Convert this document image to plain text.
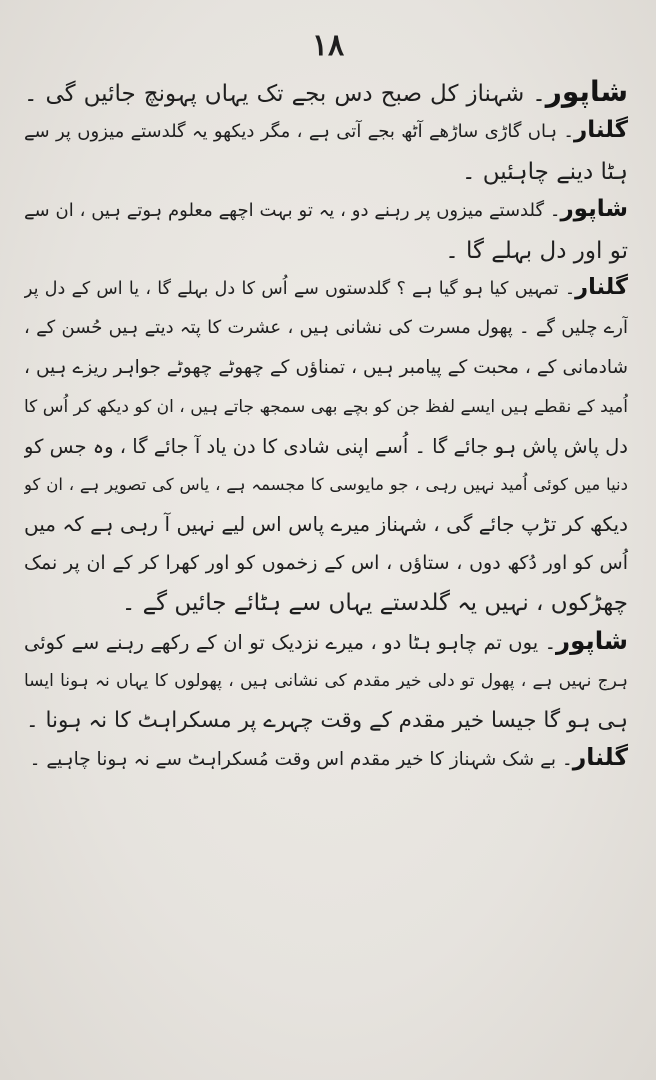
۱۸
شاپور۔ شہناز کل صبح دس بجے تک یہاں پہونچ جائیں گی ۔
گلنار۔ ہاں گاڑی ساڑھے آٹھ بجے آتی ہے ، مگر دیکھو یہ گلدستے میزوں پر سے
ہٹا دینے چاہئیں ۔
شاپور۔ گلدستے میزوں پر رہنے دو ، یہ تو بہت اچھے معلوم ہوتے ہیں ، ان سے
تو اور دل بہلے گا ۔
گلنار۔ تمہیں کیا ہو گیا ہے ؟ گلدستوں سے اُس کا دل بہلے گا ، یا اس کے دل پر
آرے چلیں گے ۔ پھول مسرت کی نشانی ہیں ، عشرت کا پتہ دیتے ہیں حُسن کے ،
شادمانی کے ، محبت کے پیامبر ہیں ، تمناؤں کے چھوٹے چھوٹے جواہر ریزے ہیں ،
اُمید کے نقطے ہیں ایسے لفظ جن کو بچے بھی سمجھ جاتے ہیں ، ان کو دیکھ کر اُس کا
دل پاش پاش ہو جائے گا ۔ اُسے اپنی شادی کا دن یاد آ جائے گا ، وہ جس کو
دنیا میں کوئی اُمید نہیں رہی ، جو مایوسی کا مجسمہ ہے ، یاس کی تصویر ہے ، ان کو
دیکھ کر تڑپ جائے گی ، شہناز میرے پاس اس لیے نہیں آ رہی ہے کہ میں
اُس کو اور دُکھ دوں ، ستاؤں ، اس کے زخموں کو اور کھرا کر کے ان پر نمک
چھڑکوں ، نہیں یہ گلدستے یہاں سے ہٹائے جائیں گے ۔
شاپور۔ یوں تم چاہو ہٹا دو ، میرے نزدیک تو ان کے رکھے رہنے سے کوئی
ہرج نہیں ہے ، پھول تو دلی خیر مقدم کی نشانی ہیں ، پھولوں کا یہاں نہ ہونا ایسا
ہی ہو گا جیسا خیر مقدم کے وقت چہرے پر مسکراہٹ کا نہ ہونا ۔
گلنار۔ بے شک شہناز کا خیر مقدم اس وقت مُسکراہٹ سے نہ ہونا چاہیے ۔
